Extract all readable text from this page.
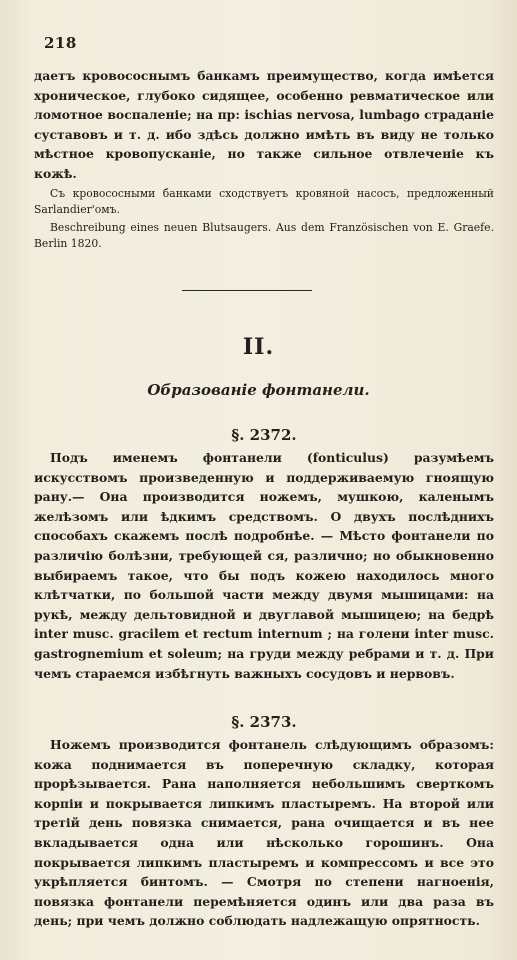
218

даетъ кровососнымъ банкамъ преимущество, когда имѣется хроническое, глубоко сидящее, особенно ревматическое или ломотное воспаленіе; на пр: ischias nervosa, lumbago страданіе суставовъ и т. д. ибо здѣсь должно имѣть въ виду не только мѣстное кровопусканіе, но также сильное отвлеченіе къ кожѣ.

Съ кровососными банками сходствуетъ кровяной насосъ, предложенный Sarlandier'омъ.

Beschreibung eines neuen Blutsaugers. Aus dem Französischen von E. Graefe. Berlin 1820.

II.
Образованіе фонтанели.

§. 2372.

Подъ именемъ фонтанели (fonticulus) разумѣемъ искусствомъ произведенную и поддерживаемую гноящую рану.— Она производится ножемъ, мушкою, каленымъ желѣзомъ или ѣдкимъ средствомъ. О двухъ послѣднихъ способахъ скажемъ послѣ подробнѣе. — Мѣсто фонтанели по различію болѣзни, требующей ся, различно; но обыкновенно выбираемъ такое, что бы подъ кожею находилось много клѣтчатки, по большой части между двумя мышицами: на рукѣ, между дельтовидной и двуглавой мышицею; на бедрѣ inter musc. gracilem et rectum internum ; на голени inter musc. gastrognemium et soleum; на груди между ребрами и т. д. При чемъ стараемся избѣгнуть важныхъ сосудовъ и нервовъ.

§. 2373.

Ножемъ производится фонтанель слѣдующимъ образомъ: кожа поднимается въ поперечную складку, которая прорѣзывается. Рана наполняется небольшимъ сверткомъ корпіи и покрывается липкимъ пластыремъ. На второй или третій день повязка снимается, рана очищается и въ нее вкладывается одна или нѣсколько горошинъ. Она покрывается липкимъ пластыремъ и компрессомъ и все это укрѣпляется бинтомъ. — Смотря по степени нагноенія, повязка фонтанели перемѣняется одинъ или два раза въ день; при чемъ должно соблюдать надлежащую опрятность.
